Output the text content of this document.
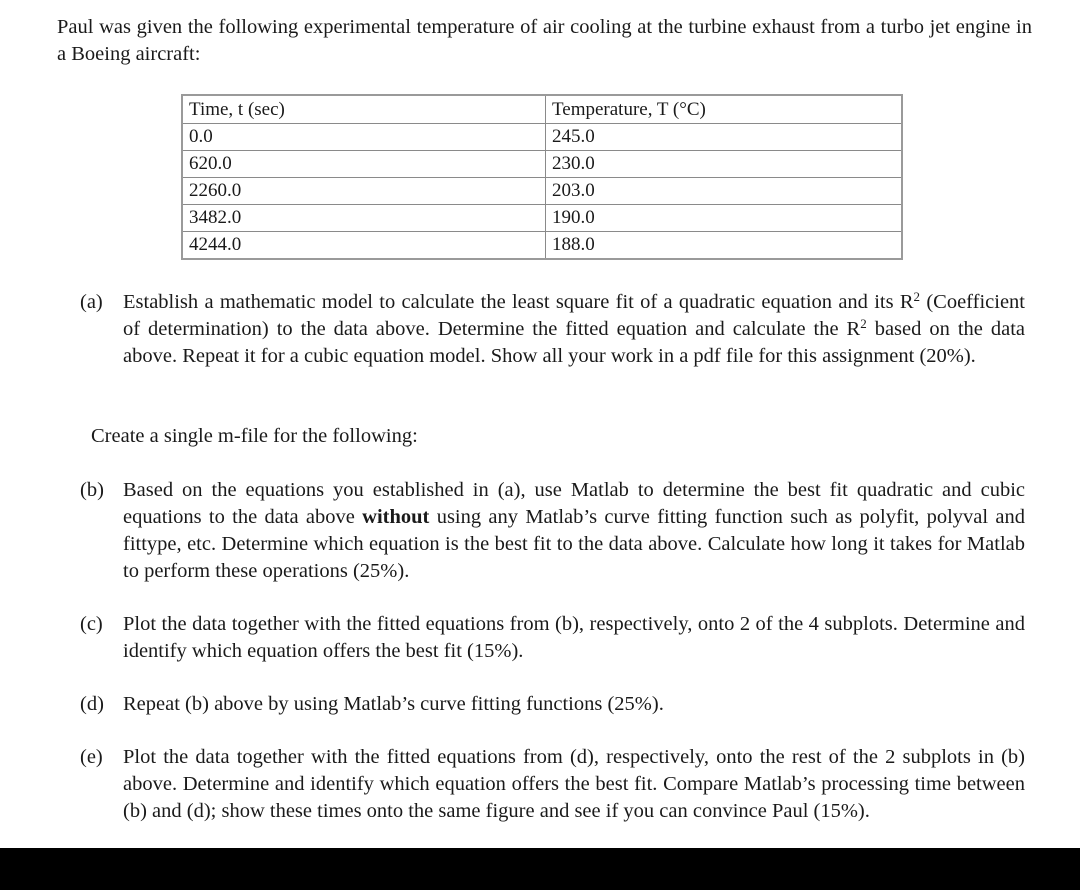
Paul was given the following experimental temperature of air cooling at the turbine exhaust from a turbo jet engine in a Boeing aircraft:
Time, t (sec)	Temperature, T (°C)
0.0	245.0
620.0	230.0
2260.0	203.0
3482.0	190.0
4244.0	188.0
(a) Establish a mathematic model to calculate the least square fit of a quadratic equation and its $R^2$ (Coefficient of determination) to the data above. Determine the fitted equation and calculate the $R^2$ based on the data above. Repeat it for a cubic equation model. Show all your work in a pdf file for this assignment (20%).
Create a single m-file for the following:
(b) Based on the equations you established in (a), use Matlab to determine the best fit quadratic and cubic equations to the data above without using any Matlab’s curve fitting function such as polyfit, polyval and fittype, etc. Determine which equation is the best fit to the data above. Calculate how long it takes for Matlab to perform these operations (25%).
(c) Plot the data together with the fitted equations from (b), respectively, onto 2 of the 4 subplots. Determine and identify which equation offers the best fit (15%).
(d) Repeat (b) above by using Matlab’s curve fitting functions (25%).
(e) Plot the data together with the fitted equations from (d), respectively, onto the rest of the 2 subplots in (b) above. Determine and identify which equation offers the best fit. Compare Matlab’s processing time between (b) and (d); show these times onto the same figure and see if you can convince Paul (15%).
